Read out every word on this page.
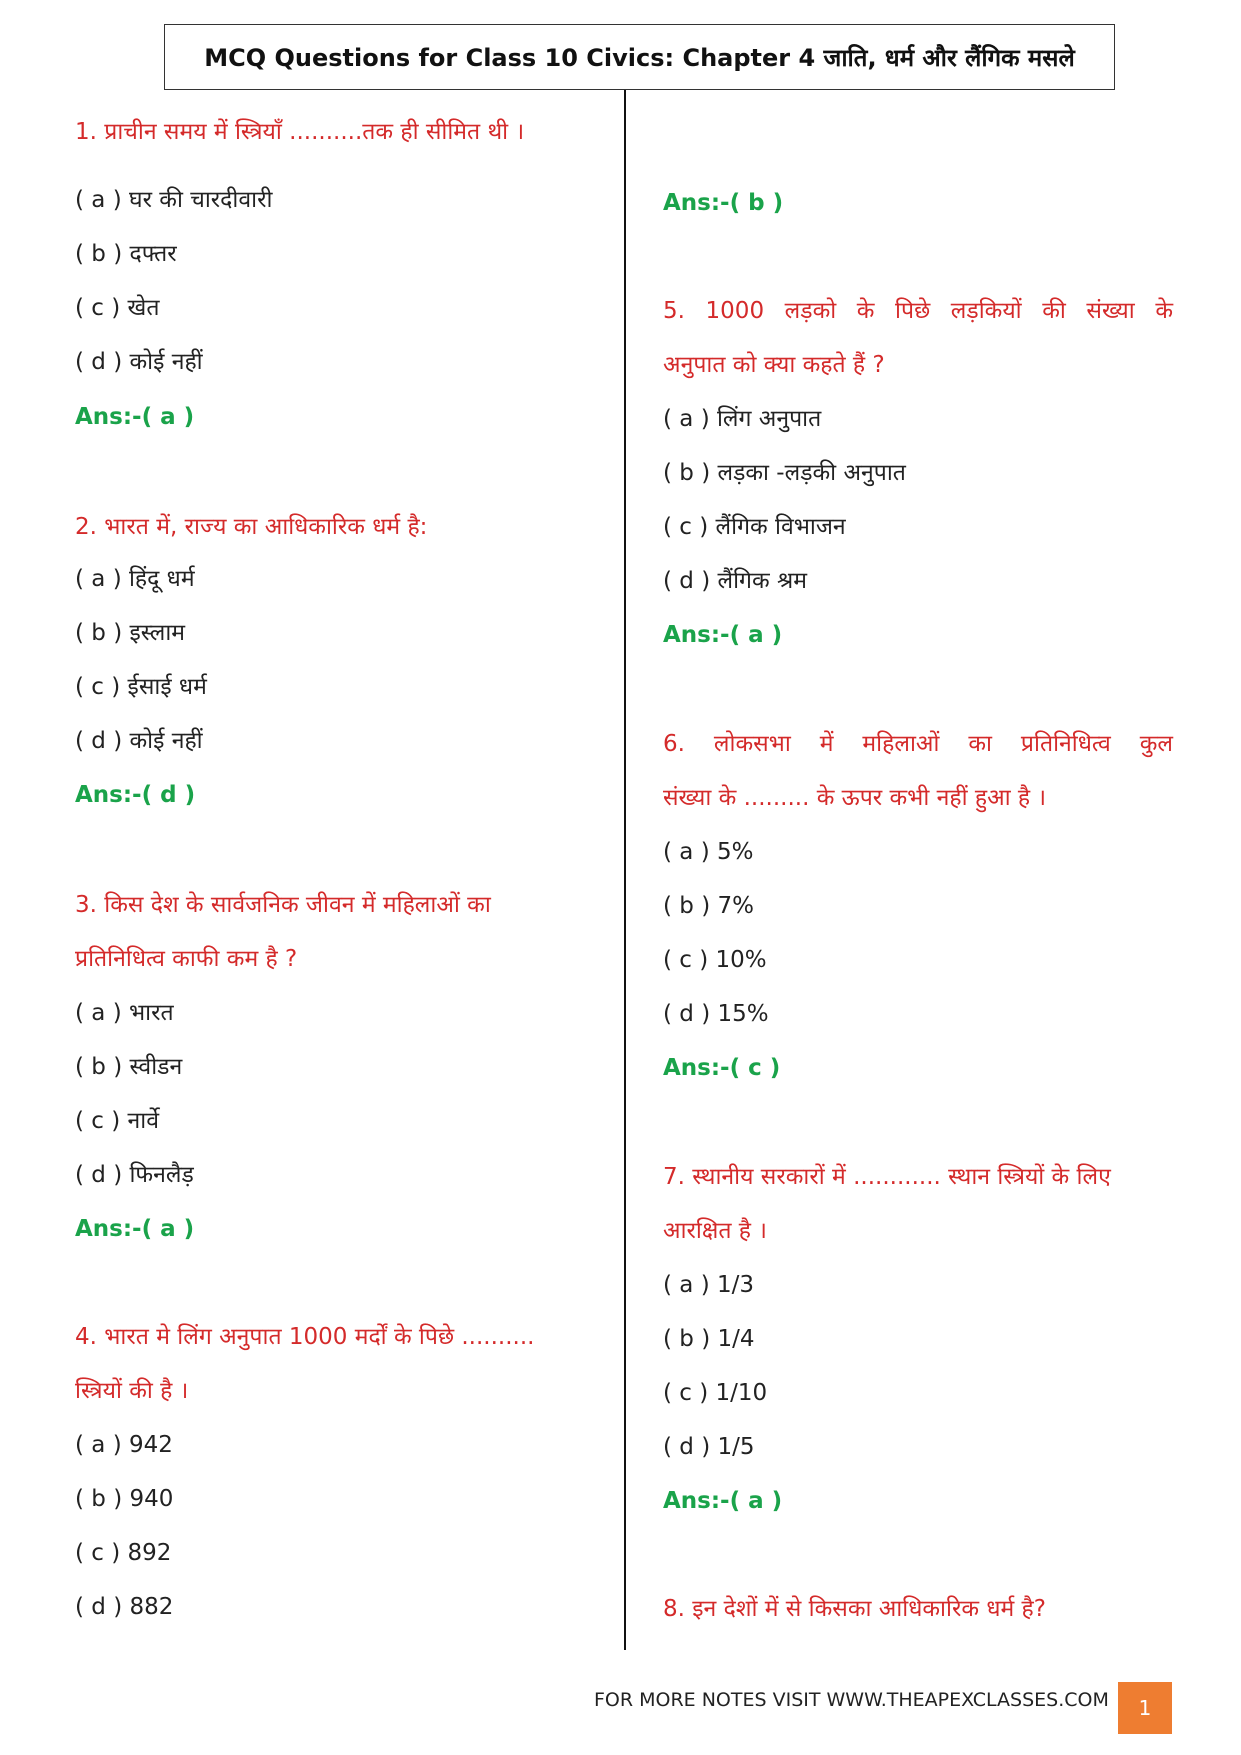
MCQ Questions for Class 10 Civics: Chapter 4 जाति, धर्म और लैंगिक मसले
1. प्राचीन समय में स्त्रियाँ ..........तक ही सीमित थी ।
( a ) घर की चारदीवारी
( b ) दफ्तर
( c ) खेत
( d ) कोई नहीं
Ans:-( a )
2. भारत में, राज्य का आधिकारिक धर्म है:
( a ) हिंदू धर्म
( b ) इस्लाम
( c ) ईसाई धर्म
( d ) कोई नहीं
Ans:-( d )
3. किस देश के सार्वजनिक जीवन में महिलाओं का
प्रतिनिधित्व काफी कम है ?
( a ) भारत
( b ) स्वीडन
( c ) नार्वे
( d ) फिनलैड़
Ans:-( a )
4. भारत मे लिंग अनुपात 1000 मर्दों के पिछे ..........
स्त्रियों की है ।
( a ) 942
( b ) 940
( c ) 892
( d ) 882
Ans:-( b )
5. 1000 लड़को के पिछे लड़कियों की संख्या के
अनुपात को क्या कहते हैं ?
( a ) लिंग अनुपात
( b ) लड़का -लड़की अनुपात
( c ) लैंगिक विभाजन
( d ) लैंगिक श्रम
Ans:-( a )
6. लोकसभा में महिलाओं का प्रतिनिधित्व कुल
संख्या के ......... के ऊपर कभी नहीं हुआ है ।
( a ) 5%
( b ) 7%
( c ) 10%
( d ) 15%
Ans:-( c )
7. स्थानीय सरकारों में ............ स्थान स्त्रियों के लिए
आरक्षित है ।
( a ) 1/3
( b ) 1/4
( c ) 1/10
( d ) 1/5
Ans:-( a )
8. इन देशों में से किसका आधिकारिक धर्म है?
FOR MORE NOTES VISIT WWW.THEAPEXCLASSES.COM	1
